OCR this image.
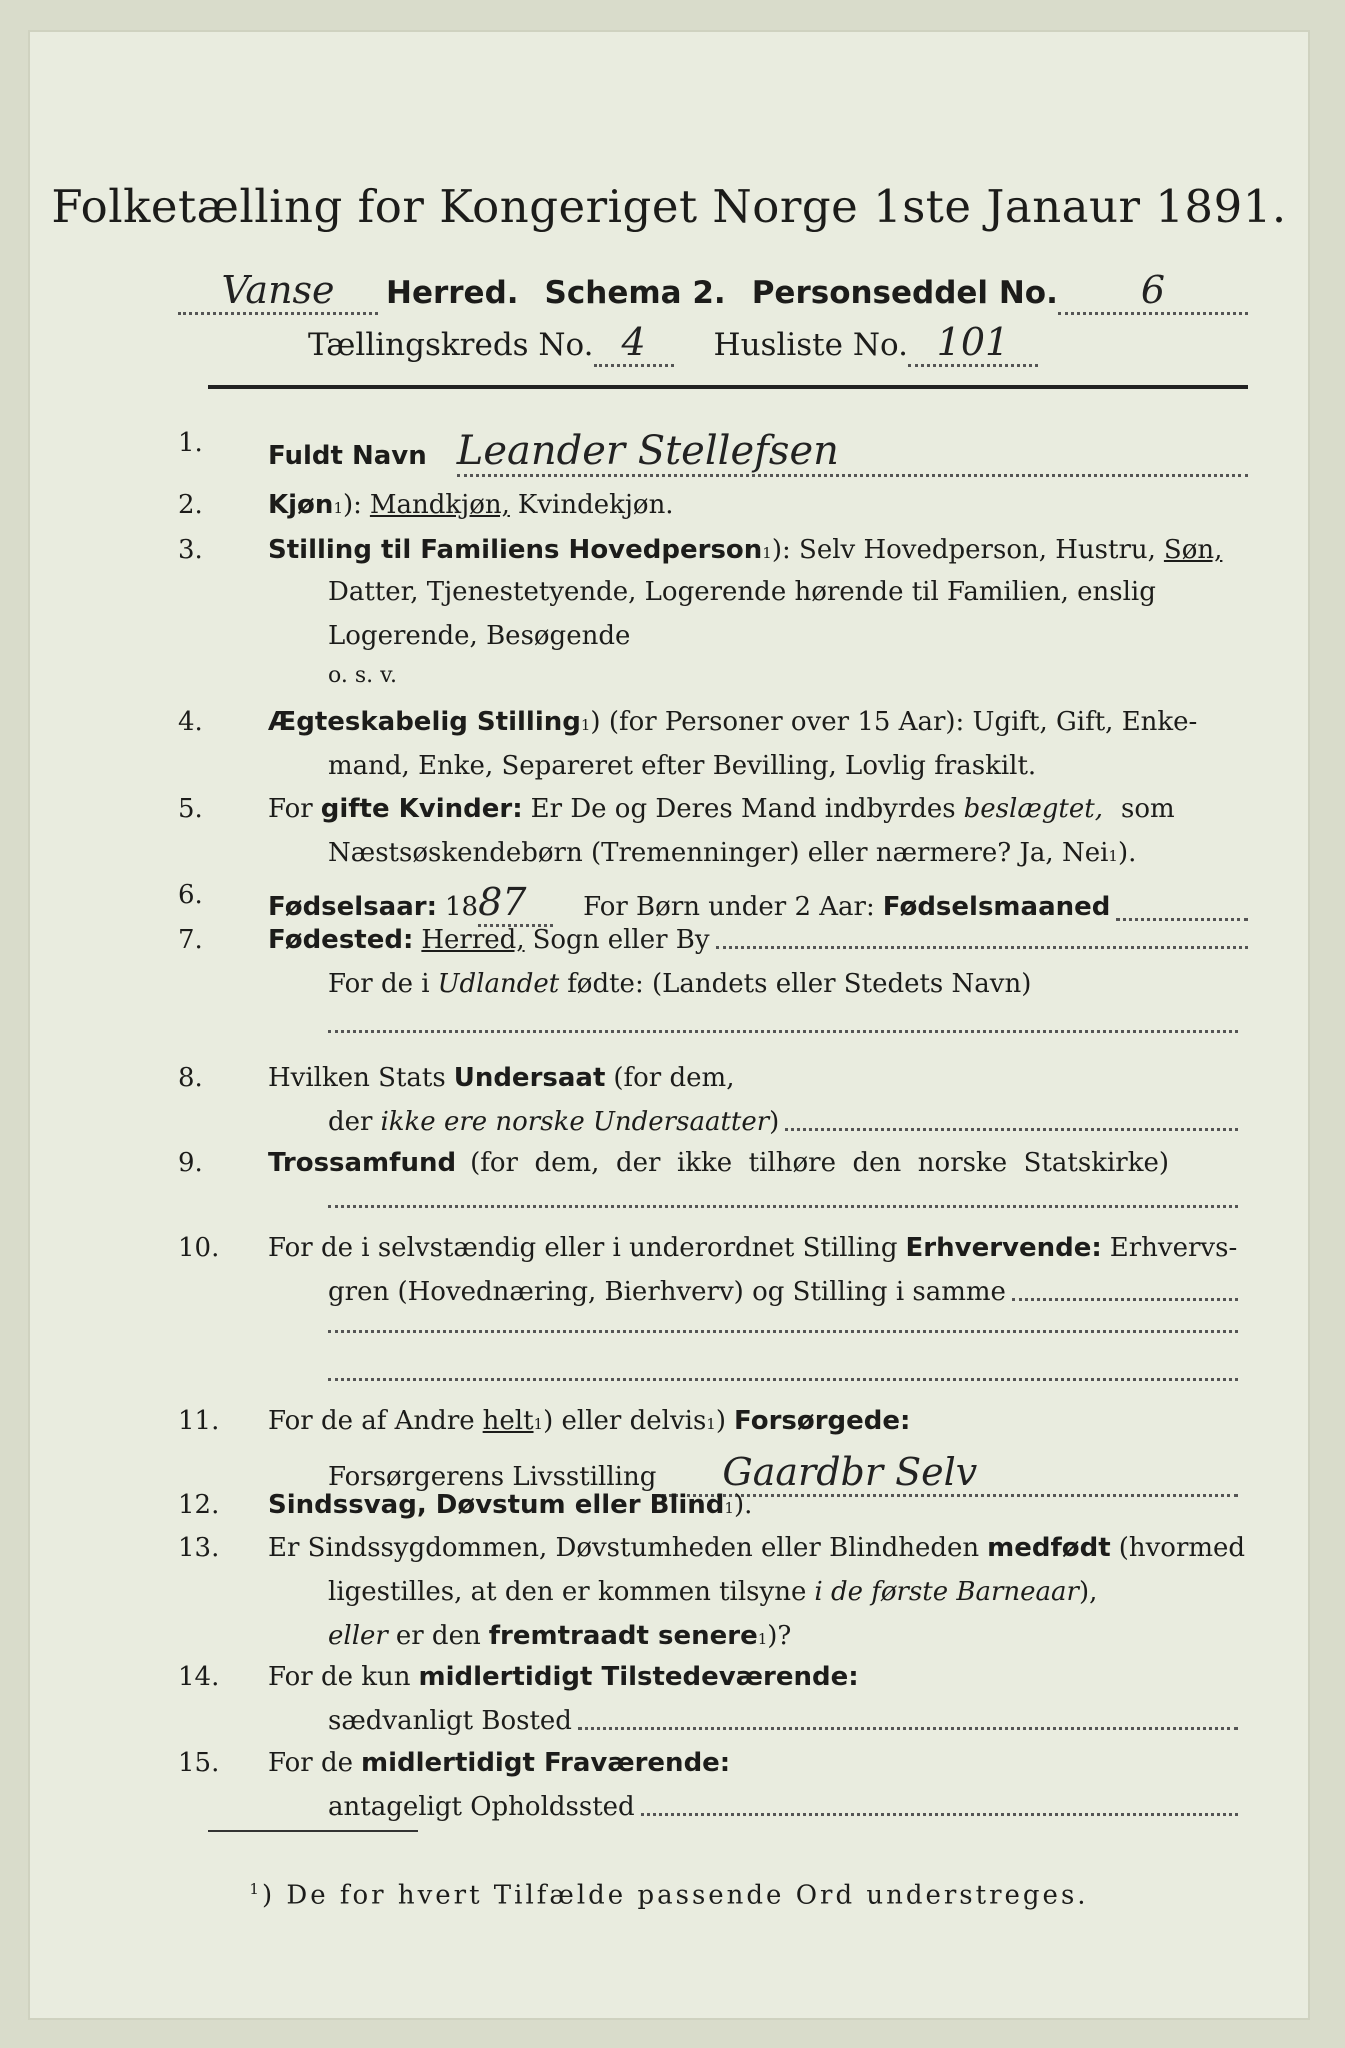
Folketælling for Kongeriget Norge 1ste Janaur 1891.
Vanse	Herred. Schema 2. Personseddel No.	6
Tællingskreds No. 4	Husliste No. 101
1.	Fuldt Navn Leander Stellefsen
2.	Kjøn 1 ): Mandkjøn, Kvindekjøn.
3.	Stilling til Familiens Hovedperson 1 ): Selv Hovedperson, Hustru, Søn,
Datter, Tjenestetyende, Logerende hørende til Familien, enslig
Logerende, Besøgende
o. s. v.
4.	Ægteskabelig Stilling 1 ) (for Personer over 15 Aar): Ugift, Gift, Enke-
mand, Enke, Separeret efter Bevilling, Lovlig fraskilt.
5.	For gifte Kvinder: Er De og Deres Mand indbyrdes beslægtet, som
Næstsøskendebørn (Tremenninger) eller nærmere? Ja, Nei 1 ).
6.	Fødselsaar: 18 87	For Børn under 2 Aar: Fødselsmaaned
7.	Fødested: Herred, Sogn eller By
For de i Udlandet fødte: (Landets eller Stedets Navn)
8.	Hvilken Stats Undersaat (for dem,
der ikke ere norske Undersaatter )
9.	Trossamfund (for  dem,  der  ikke  tilhøre  den  norske  Statskirke)
10.	For de i selvstændig eller i underordnet Stilling Erhvervende: Erhvervs-
gren (Hovednæring, Bierhverv) og Stilling i samme
11.	For de af Andre helt 1 ) eller delvis 1 ) Forsørgede:
Forsørgerens Livsstilling	Gaardbr Selv
12.	Sindssvag, Døvstum eller Blind 1 ).
13.	Er Sindssygdommen, Døvstumheden eller Blindheden medfødt (hvormed
ligestilles, at den er kommen tilsyne i de første Barneaar ),
eller er den fremtraadt senere 1 )?
14.	For de kun midlertidigt Tilstedeværende:
sædvanligt Bosted
15.	For de midlertidigt Fraværende:
antageligt Opholdssted
$^1$) De for hvert Tilfælde passende Ord understreges.
